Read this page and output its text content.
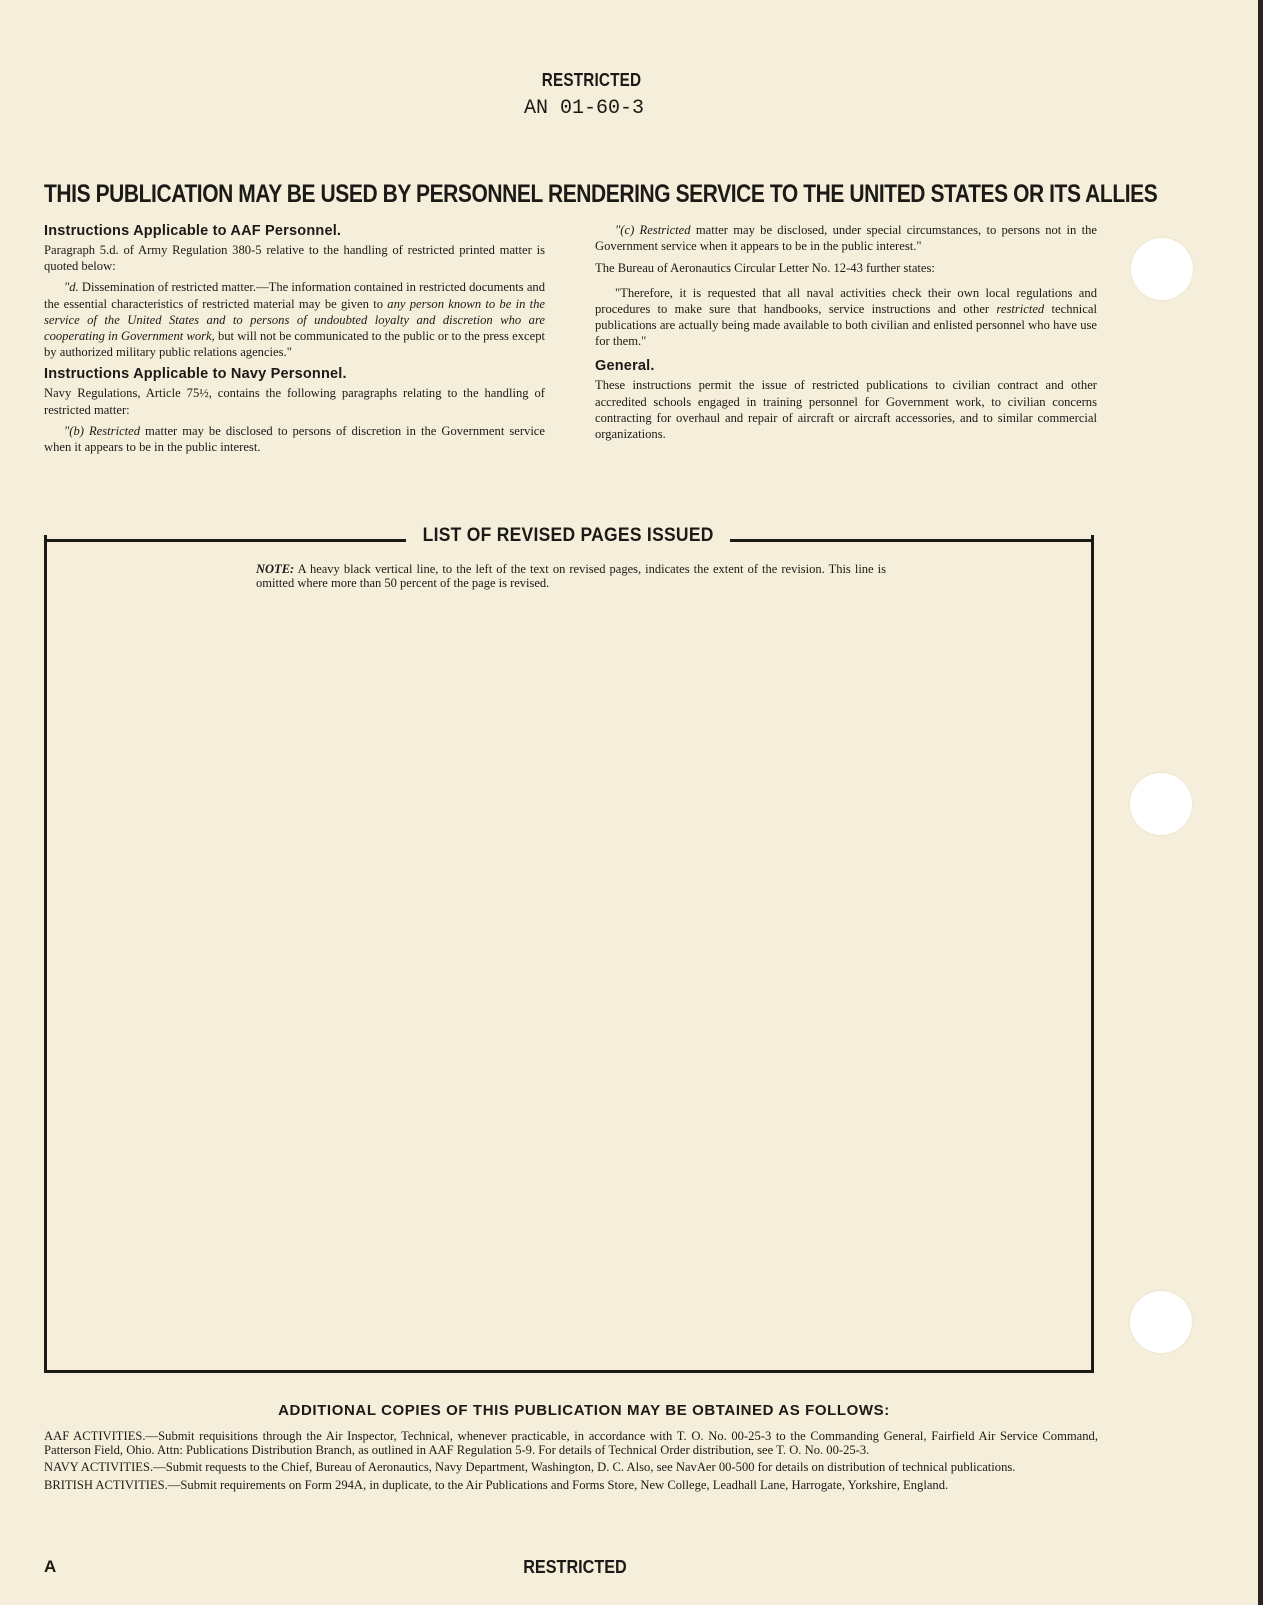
RESTRICTED
AN 01-60-3
THIS PUBLICATION MAY BE USED BY PERSONNEL RENDERING SERVICE TO THE UNITED STATES OR ITS ALLIES
Instructions Applicable to AAF Personnel.

Paragraph 5.d. of Army Regulation 380-5 relative to the handling of restricted printed matter is quoted below:

"d. Dissemination of restricted matter.—The information contained in restricted documents and the essential characteristics of restricted material may be given to any person known to be in the service of the United States and to persons of undoubted loyalty and discretion who are cooperating in Government work, but will not be communicated to the public or to the press except by authorized military public relations agencies."

Instructions Applicable to Navy Personnel.

Navy Regulations, Article 75½, contains the following paragraphs relating to the handling of restricted matter:

"(b) Restricted matter may be disclosed to persons of discretion in the Government service when it appears to be in the public interest.

"(c) Restricted matter may be disclosed, under special circumstances, to persons not in the Government service when it appears to be in the public interest."

The Bureau of Aeronautics Circular Letter No. 12-43 further states:

"Therefore, it is requested that all naval activities check their own local regulations and procedures to make sure that handbooks, service instructions and other restricted technical publications are actually being made available to both civilian and enlisted personnel who have use for them."

General.

These instructions permit the issue of restricted publications to civilian contract and other accredited schools engaged in training personnel for Government work, to civilian concerns contracting for overhaul and repair of aircraft or aircraft accessories, and to similar commercial organizations.

LIST OF REVISED PAGES ISSUED
NOTE: A heavy black vertical line, to the left of the text on revised pages, indicates the extent of the revision. This line is omitted where more than 50 percent of the page is revised.
ADDITIONAL COPIES OF THIS PUBLICATION MAY BE OBTAINED AS FOLLOWS:

AAF ACTIVITIES.—Submit requisitions through the Air Inspector, Technical, whenever practicable, in accordance with T. O. No. 00-25-3 to the Commanding General, Fairfield Air Service Command, Patterson Field, Ohio. Attn: Publications Distribution Branch, as outlined in AAF Regulation 5-9. For details of Technical Order distribution, see T. O. No. 00-25-3.

NAVY ACTIVITIES.—Submit requests to the Chief, Bureau of Aeronautics, Navy Department, Washington, D. C. Also, see NavAer 00-500 for details on distribution of technical publications.

BRITISH ACTIVITIES.—Submit requirements on Form 294A, in duplicate, to the Air Publications and Forms Store, New College, Leadhall Lane, Harrogate, Yorkshire, England.

A	RESTRICTED
